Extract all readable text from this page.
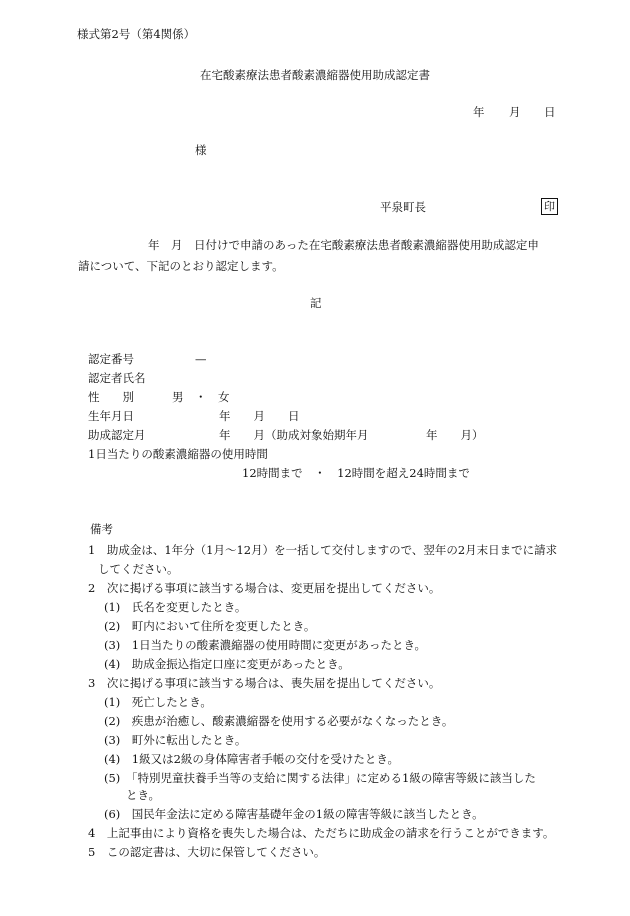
様式第2号（第4関係）
在宅酸素療法患者酸素濃縮器使用助成認定書
年 月 日
様
平泉町長	印
年　月　日付けで申請のあった在宅酸素療法患者酸素濃縮器使用助成認定申
請について、下記のとおり認定します。
記
認定番号	—
認定者氏名
性　　別	男　・　女
生年月日	年　　月　　日
助成認定月	年　　月（助成対象始期年月　　　　　年　　月）
1日当たりの酸素濃縮器の使用時間
12時間まで　・　12時間を超え24時間まで
備考
1　助成金は、1年分（1月～12月）を一括して交付しますので、翌年の2月末日までに請求
してください。
2　次に掲げる事項に該当する場合は、変更届を提出してください。
(1)　氏名を変更したとき。
(2)　町内において住所を変更したとき。
(3)　1日当たりの酸素濃縮器の使用時間に変更があったとき。
(4)　助成金振込指定口座に変更があったとき。
3　次に掲げる事項に該当する場合は、喪失届を提出してください。
(1)　死亡したとき。
(2)　疾患が治癒し、酸素濃縮器を使用する必要がなくなったとき。
(3)　町外に転出したとき。
(4)　1級又は2級の身体障害者手帳の交付を受けたとき。
(5)　「特別児童扶養手当等の支給に関する法律」に定める1級の障害等級に該当した
とき。
(6)　国民年金法に定める障害基礎年金の1級の障害等級に該当したとき。
4　上記事由により資格を喪失した場合は、ただちに助成金の請求を行うことができます。
5　この認定書は、大切に保管してください。
